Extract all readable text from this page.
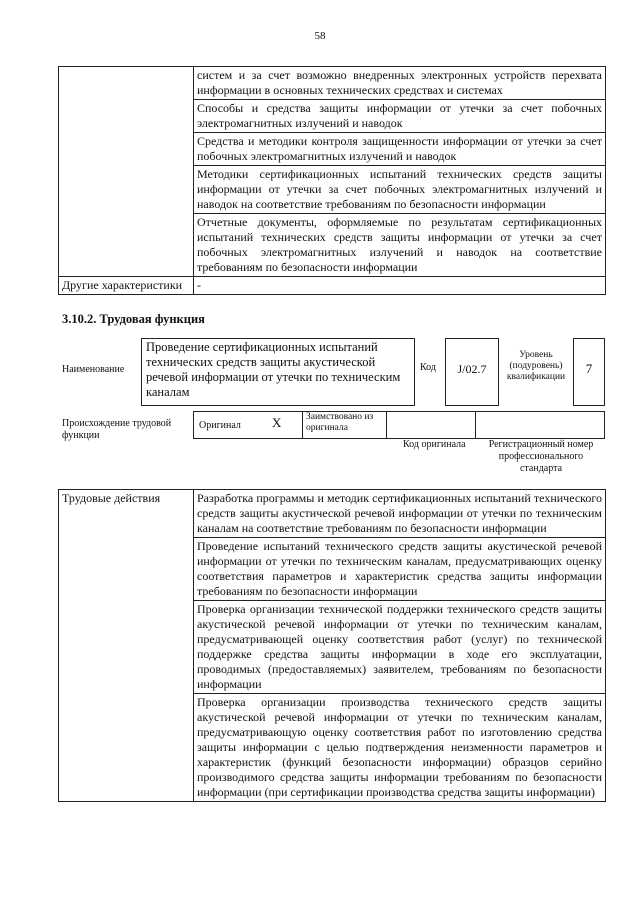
58
	систем и за счет возможно внедренных электронных устройств перехвата информации в основных технических средствах и системах
	Способы и средства защиты информации от утечки за счет побочных электромагнитных излучений и наводок
	Средства и методики контроля защищенности информации от утечки за счет побочных электромагнитных излучений и наводок
	Методики сертификационных испытаний технических средств защиты информации от утечки за счет побочных электромагнитных излучений и наводок на соответствие требованиям по безопасности информации
	Отчетные документы, оформляемые по результатам сертификационных испытаний технических средств защиты информации от утечки за счет побочных электромагнитных излучений и наводок на соответствие требованиям по безопасности информации
Другие характеристики	-
3.10.2. Трудовая функция
Наименование
Проведение сертификационных испытаний технических средств защиты акустической речевой информации от утечки по техническим каналам
Код	J/02.7
Уровень (подуровень) квалификации
7
Происхождение трудовой функции
Оригинал X	Заимствовано из оригинала
Код оригинала	Регистрационный номер профессионального стандарта
Трудовые действия	Разработка программы и методик сертификационных испытаний технического средств защиты акустической речевой информации от утечки по техническим каналам на соответствие требованиям по безопасности информации
Проведение испытаний технического средств защиты акустической речевой информации от утечки по техническим каналам, предусматривающих оценку соответствия параметров и характеристик средства защиты информации требованиям по безопасности информации
Проверка организации технической поддержки технического средств защиты акустической речевой информации от утечки по техническим каналам, предусматривающей оценку соответствия работ (услуг) по технической поддержке средства защиты информации в ходе его эксплуатации, проводимых (предоставляемых) заявителем, требованиям по безопасности информации
Проверка организации производства технического средств защиты акустической речевой информации от утечки по техническим каналам, предусматривающую оценку соответствия работ по изготовлению средства защиты информации с целью подтверждения неизменности параметров и характеристик (функций безопасности информации) образцов серийно производимого средства защиты информации требованиям по безопасности информации (при сертификации производства средства защиты информации)
